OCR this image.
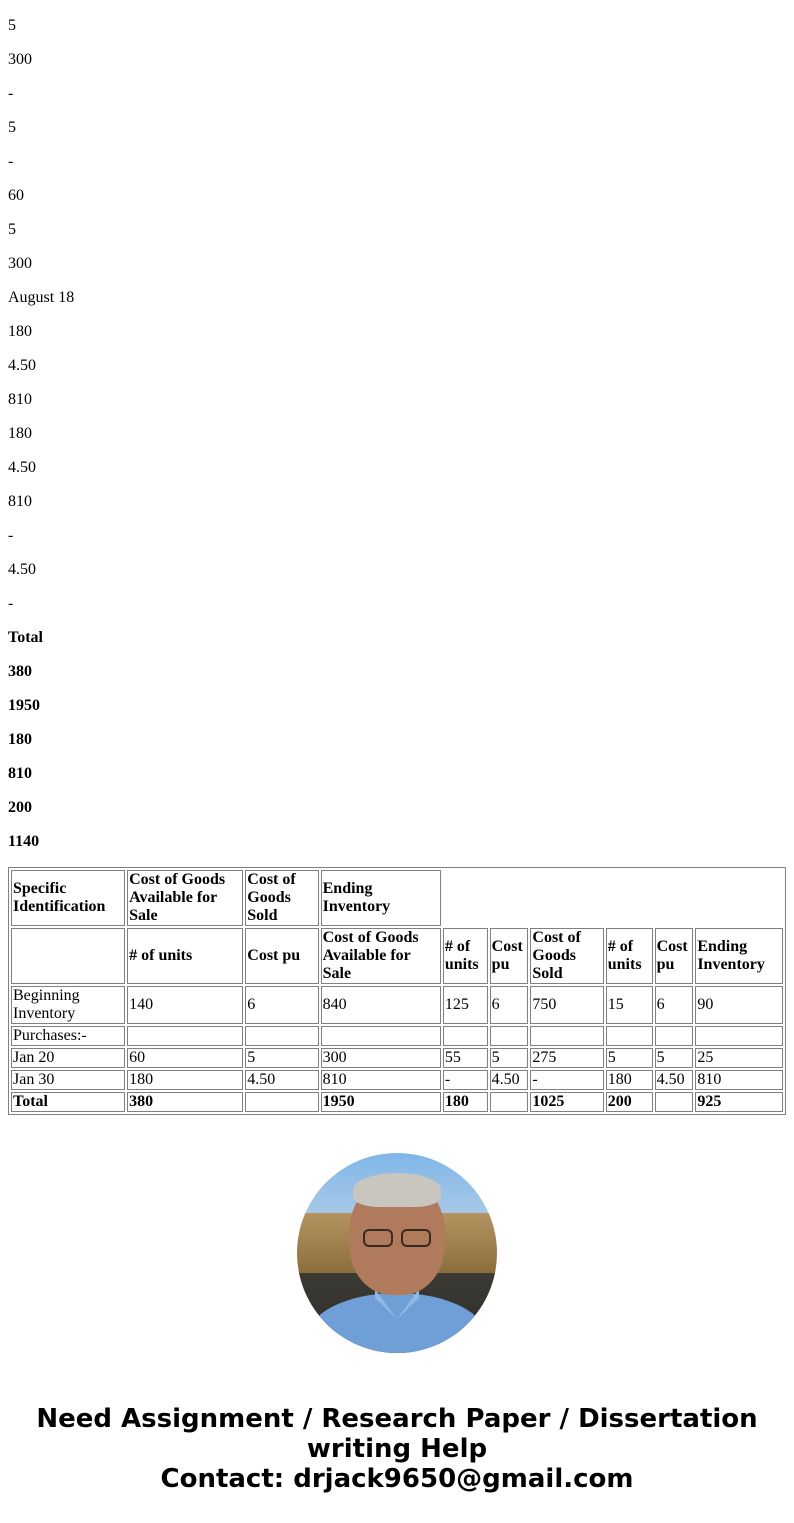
5

300

-

5

-

60

5

300

August 18

180

4.50

810

180

4.50

810

-

4.50

-

Total

380

1950

180

810

200

1140

Specific Identification	Cost of Goods Available for Sale	Cost of Goods Sold	Ending Inventory						
	# of units	Cost pu	Cost of Goods Available for Sale	# of units	Cost pu	Cost of Goods Sold	# of units	Cost pu	Ending Inventory
Beginning Inventory	140	6	840	125	6	750	15	6	90
Purchases:-									
Jan 20	60	5	300	55	5	275	5	5	25
Jan 30	180	4.50	810	-	4.50	-	180	4.50	810
Total	380		1950	180		1025	200		925
Need Assignment / Research Paper / Dissertation
writing Help
Contact: drjack9650@gmail.com
